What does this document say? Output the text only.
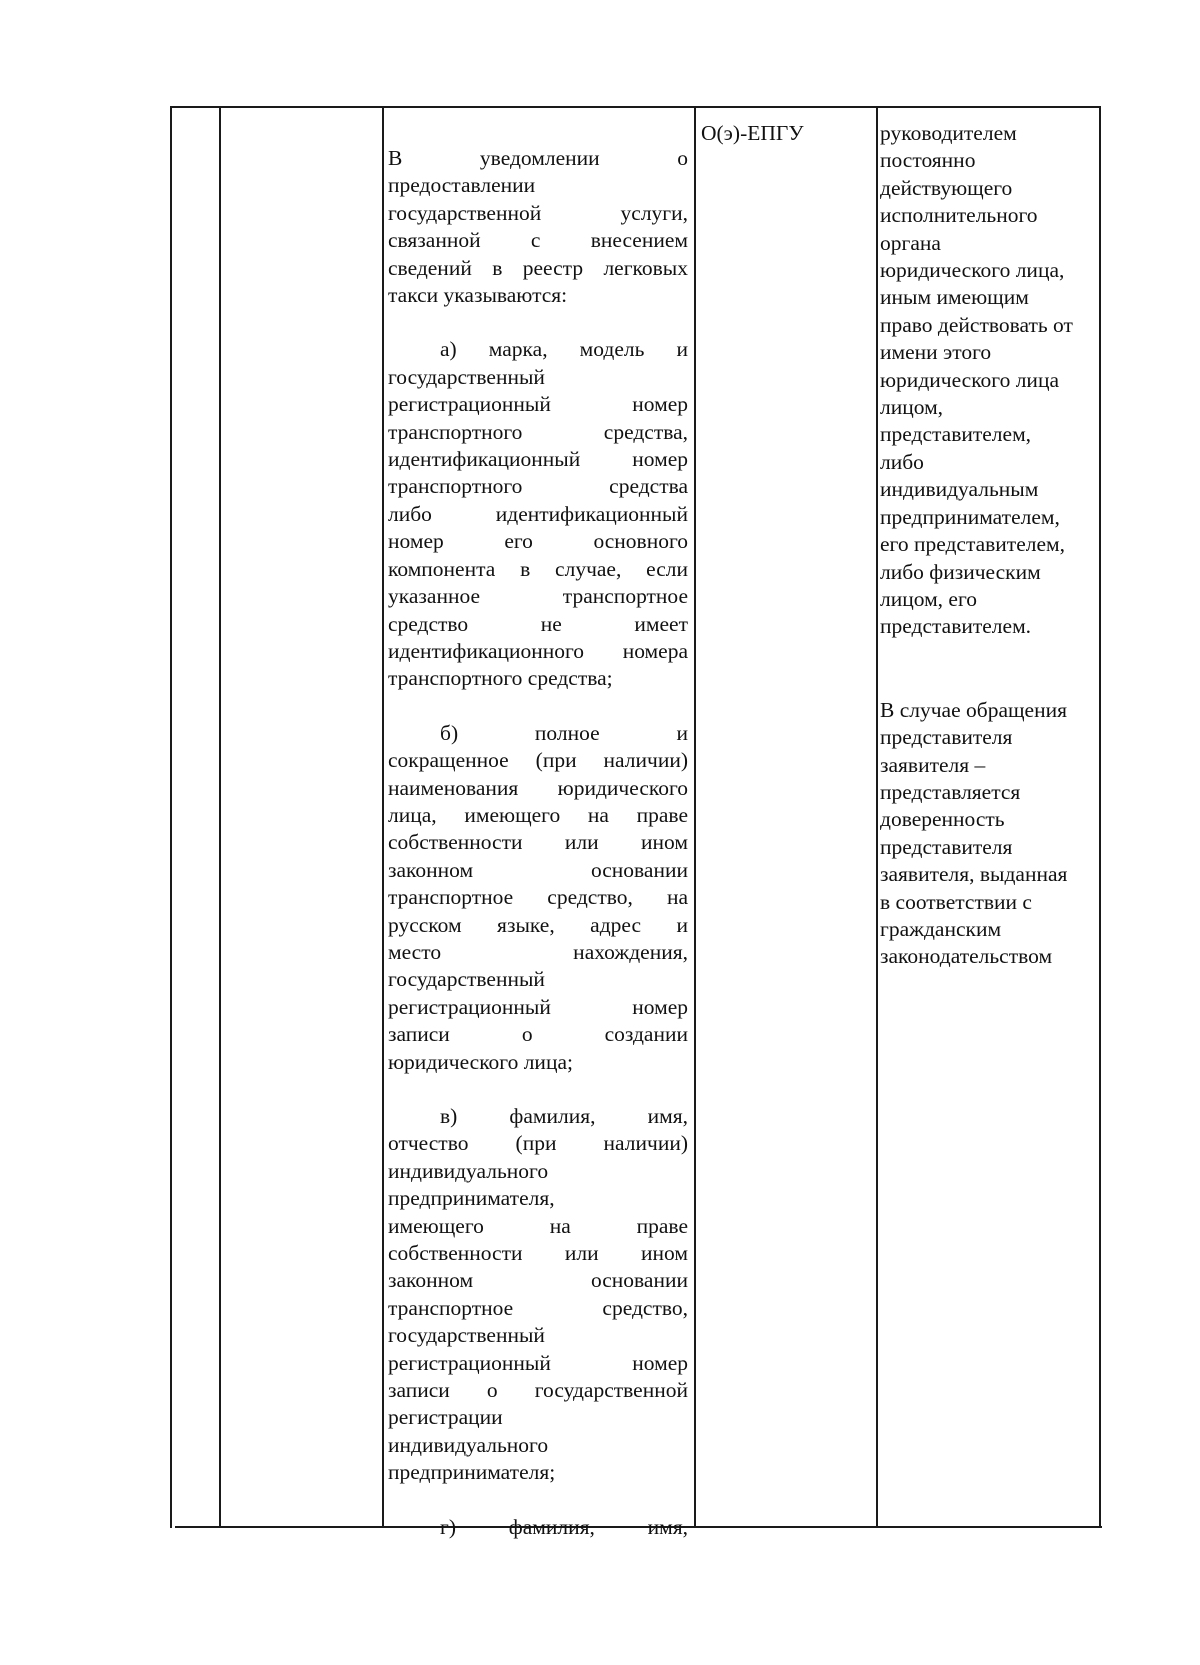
В уведомлении о

предоставлении

государственной услуги,

связанной с внесением

сведений в реестр легковых

такси указываются:

а) марка, модель и

государственный

регистрационный номер

транспортного средства,

идентификационный номер

транспортного средства

либо идентификационный

номер его основного

компонента в случае, если

указанное транспортное

средство не имеет

идентификационного номера

транспортного средства;

б) полное и

сокращенное (при наличии)

наименования юридического

лица, имеющего на праве

собственности или ином

законном основании

транспортное средство, на

русском языке, адрес и

место нахождения,

государственный

регистрационный номер

записи о создании

юридического лица;

в) фамилия, имя,

отчество (при наличии)

индивидуального

предпринимателя,

имеющего на праве

собственности или ином

законном основании

транспортное средство,

государственный

регистрационный номер

записи о государственной

регистрации

индивидуального

предпринимателя;

г) фамилия, имя,

О(э)-ЕПГУ	руководителем

постоянно

действующего

исполнительного

органа

юридического лица,

иным имеющим

право действовать от

имени этого

юридического лица

лицом,

представителем,

либо

индивидуальным

предпринимателем,

его представителем,

либо физическим

лицом, его

представителем.

В случае обращения

представителя

заявителя –

представляется

доверенность

представителя

заявителя, выданная

в соответствии с

гражданским

законодательством
